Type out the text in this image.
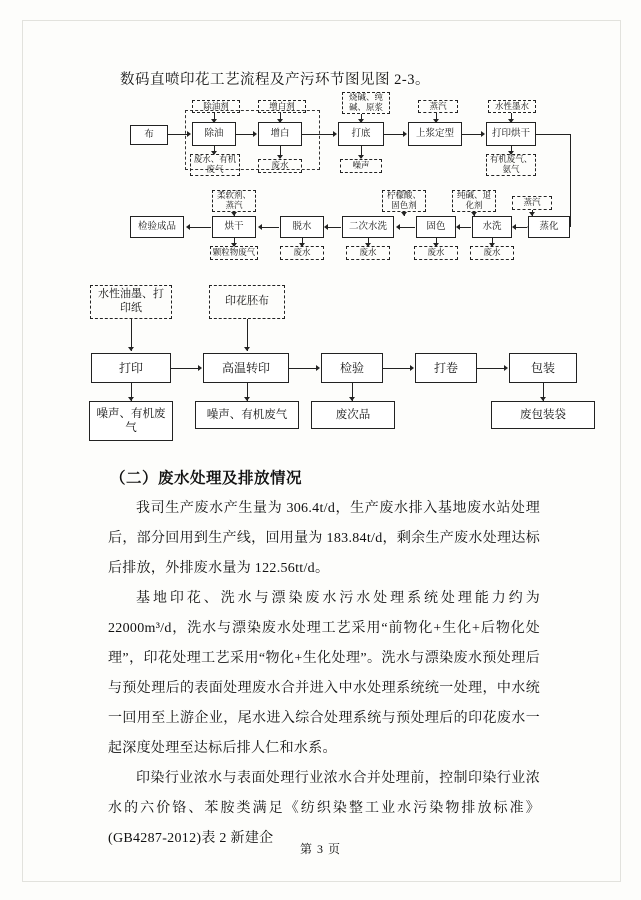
数码直喷印花工艺流程及产污环节图见图 2-3。
除油剂	增白剂
烧碱、纯碱、原浆	蒸汽	水性墨水
布	除油	增白	打底	上浆定型	打印烘干
废水、有机废气	废水	噪声
有机废气、氨气
柔软剂、蒸汽
柠檬酸、固色剂
纯碱、退化剂	蒸汽
检验成品	烘干	脱水	二次水洗	固色	水洗	蒸化
颗粒物废气	废水	废水	废水	废水
水性油墨、打印纸
印花胚布
打印	高温转印	检验	打卷	包装
噪声、有机废气
噪声、有机废气	废次品	废包装袋
（二）废水处理及排放情况

我司生产废水产生量为 306.4t/d，生产废水排入基地废水站处理后，部分回用到生产线，回用量为 183.84t/d，剩余生产废水处理达标后排放，外排废水量为 122.56tt/d。

基地印花、洗水与漂染废水污水处理系统处理能力约为 22000m³/d，洗水与漂染废水处理工艺采用“前物化+生化+后物化处理”，印花处理工艺采用“物化+生化处理”。洗水与漂染废水预处理后与预处理后的表面处理废水合并进入中水处理系统统一处理，中水统一回用至上游企业，尾水进入综合处理系统与预处理后的印花废水一起深度处理至达标后排人仁和水系。

印染行业浓水与表面处理行业浓水合并处理前，控制印染行业浓水的六价铬、苯胺类满足《纺织染整工业水污染物排放标准》(GB4287-2012)表 2 新建企

第 3 页
